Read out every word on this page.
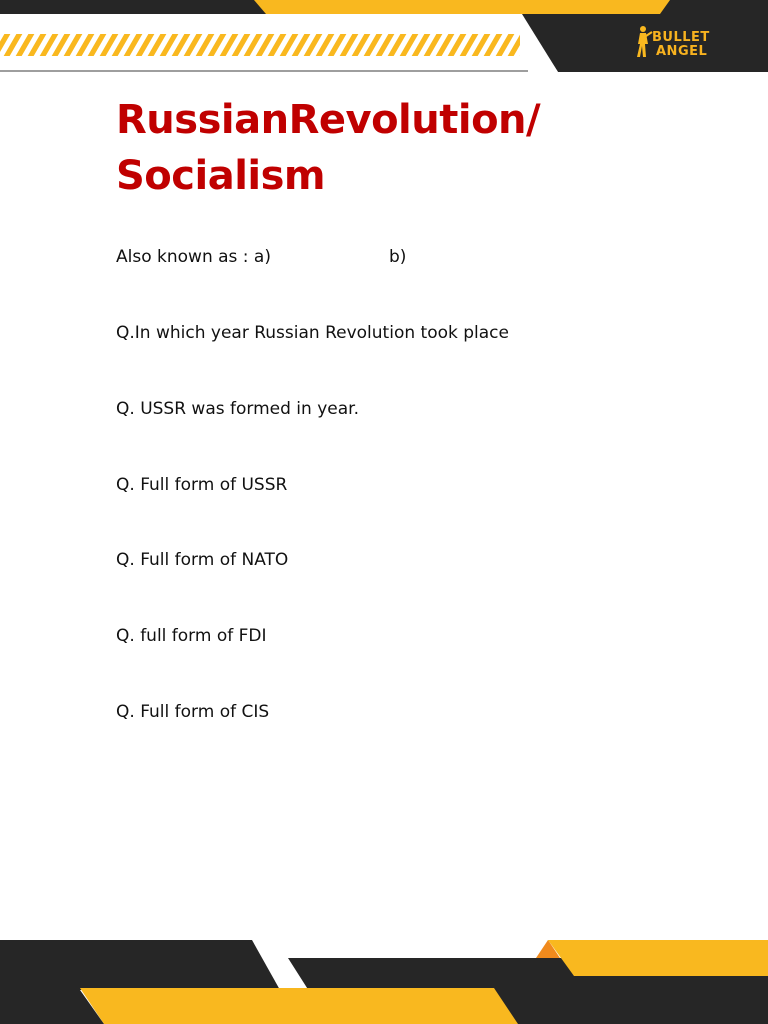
BULLET
ANGEL
RussianRevolution/
Socialism
Also known as : a)	b)
Q.In which year Russian Revolution took place
Q. USSR was formed in year.
Q. Full form of USSR
Q. Full form of NATO
Q. full form of FDI
Q. Full form of CIS
